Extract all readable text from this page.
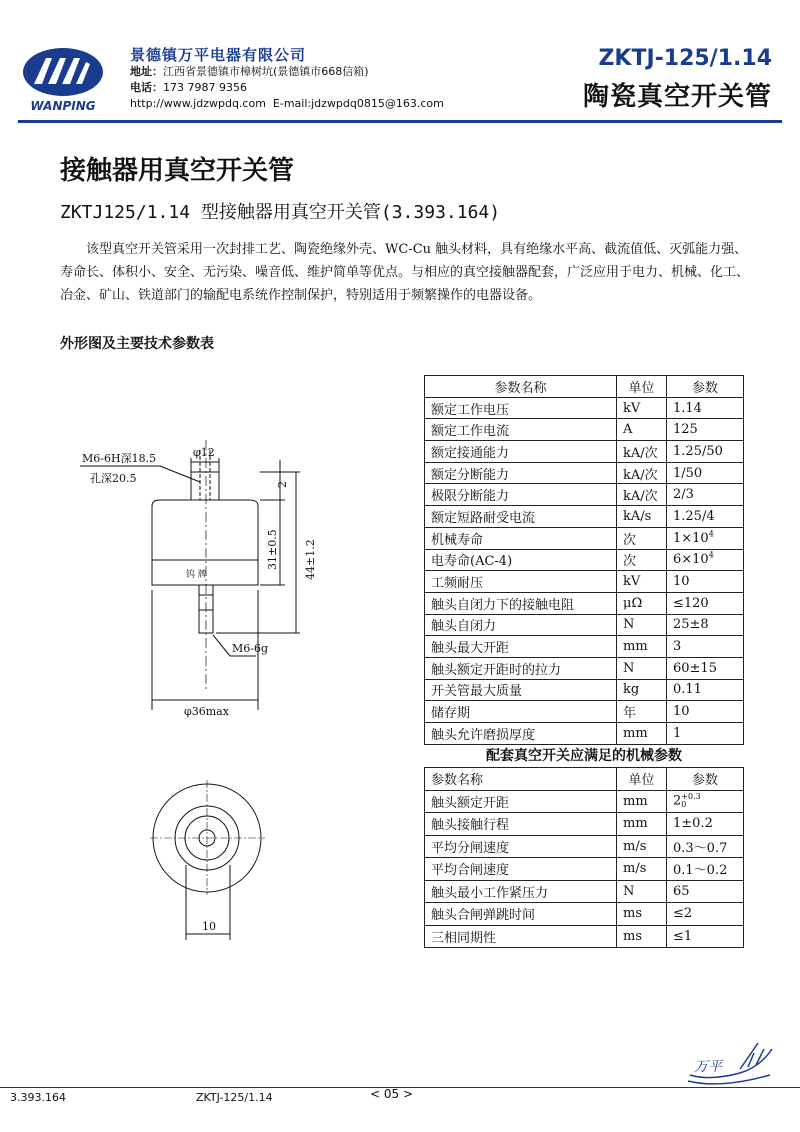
WANPING
景德镇万平电器有限公司
地址：江西省景德镇市樟树坑(景德镇市668信箱)
电话：173 7987 9356
http://www.jdzwpdq.com E-mail:jdzwpdq0815@163.com
ZKTJ-125/1.14
陶瓷真空开关管
接触器用真空开关管
ZKTJ125/1.14 型接触器用真空开关管(3.393.164)
该型真空开关管采用一次封排工艺、陶瓷绝缘外壳、WC-Cu 触头材料，具有绝缘水平高、截流值低、灭弧能力强、寿命长、体积小、安全、无污染、噪音低、维护简单等优点。与相应的真空接触器配套，广泛应用于电力、机械、化工、冶金、矿山、铁道部门的输配电系统作控制保护，特别适用于频繁操作的电器设备。
外形图及主要技术参数表
M6-6H深18.5
孔深20.5
φ12
2
31±0.5 44±1.2
钨 牌
M6-6g
φ36max
10
参数名称	单位	参数
额定工作电压	kV	1.14
额定工作电流	A	125
额定接通能力	kA/次	1.25/50
额定分断能力	kA/次	1/50
极限分断能力	kA/次	2/3
额定短路耐受电流	kA/s	1.25/4
机械寿命	次	$1\times 10^4$
电寿命(AC-4)	次	$6\times 10^4$
工频耐压	kV	10
触头自闭力下的接触电阻	μΩ	≤120
触头自闭力	N	25±8
触头最大开距	mm	3
触头额定开距时的拉力	N	60±15
开关管最大质量	kg	0.11
储存期	年	10
触头允许磨损厚度	mm	1
配套真空开关应满足的机械参数
参数名称	单位	参数
触头额定开距	mm	2 +0.3
0

触头接触行程	mm	1±0.2
平均分闸速度	m/s	0.3～0.7
平均合闸速度	m/s	0.1～0.2
触头最小工作紧压力	N	65
触头合闸弹跳时间	ms	≤2
三相同期性	ms	≤1
万平
3.393.164	ZKTJ-125/1.14	< 05 >
